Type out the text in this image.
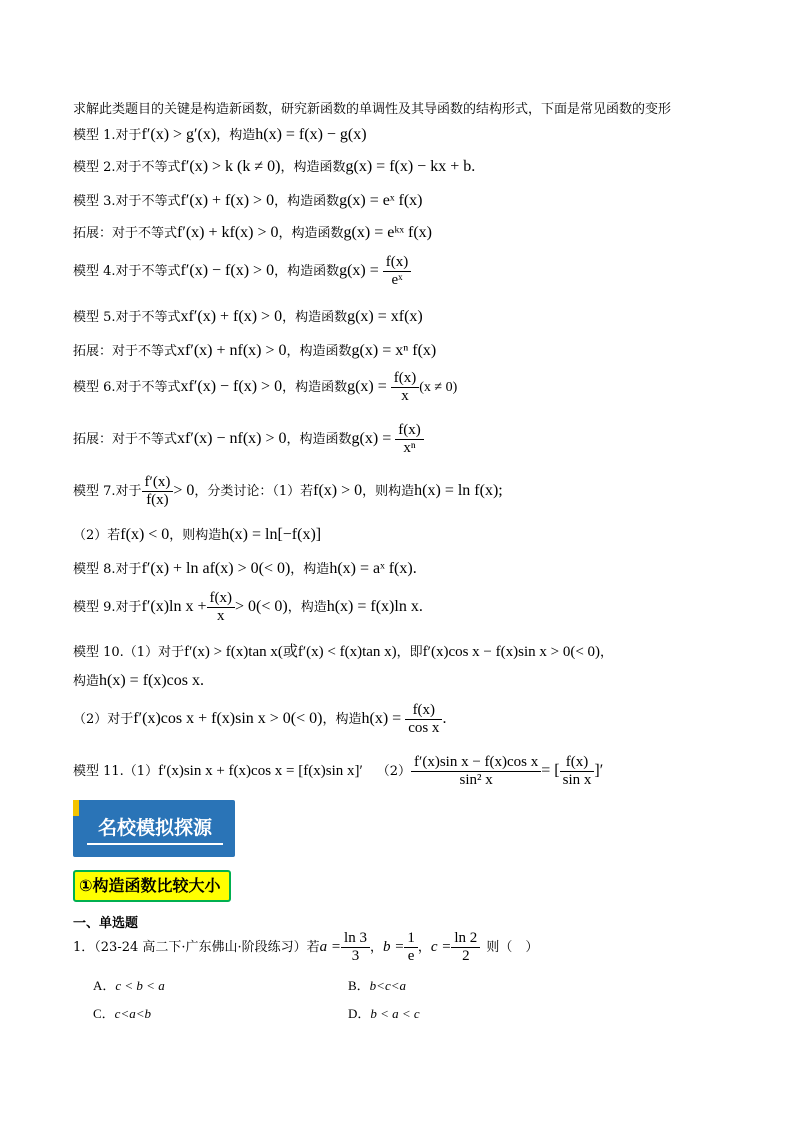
求解此类题目的关键是构造新函数，研究新函数的单调性及其导函数的结构形式，下面是常见函数的变形
模型 1.对于f′(x) > g′(x)，构造h(x) = f(x) − g(x)
模型 2.对于不等式f′(x) > k (k ≠ 0)，构造函数g(x) = f(x) − kx + b.
模型 3.对于不等式f′(x) + f(x) > 0，构造函数g(x) = eˣ f(x)
拓展：对于不等式f′(x) + kf(x) > 0，构造函数g(x) = eᵏˣ f(x)
模型 4.对于不等式f′(x) − f(x) > 0，构造函数$g(x) = \frac{f(x)}{\text{eˣ}}$
模型 5.对于不等式xf′(x) + f(x) > 0，构造函数g(x) = xf(x)
拓展：对于不等式xf′(x) + nf(x) > 0，构造函数g(x) = xⁿ f(x)
模型 6.对于不等式xf′(x) − f(x) > 0，构造函数$g(x) = \frac{f(x)}{x} (x \ne 0)$
拓展：对于不等式xf′(x) − nf(x) > 0，构造函数$g(x) = \frac{f(x)}{\text{xⁿ}}$
模型 7.对于 $\frac{f'(x)}{f(x)} > 0$，分类讨论：（1）若f(x) > 0，则构造h(x) = ln f(x);
（2）若f(x) < 0，则构造h(x) = ln[−f(x)]
模型 8.对于f′(x) + ln af(x) > 0(< 0)，构造h(x) = aˣ f(x).
模型 9.对于f′(x)ln $x + \frac{f(x)}{x} > 0(< 0)$，构造h(x) = f(x)ln x.
模型 10.（1）对于f′(x) > f(x)tan x(或f′(x) < f(x)tan x)，即f′(x)cos x − f(x)sin x > 0(< 0)，
构造h(x) = f(x)cos x.
（2）对于f′(x)cos x + f(x)sin x > 0(< 0)，构造$h(x) = \frac{f(x)}{\text{cos x}}$ .
模型 11.（1）f′(x)sin x + f(x)cos x = [f(x)sin x]′ $(2) \frac{\text{f′(x)sin x − f(x)cos x}}{\text{sin² x}}$ = [ $\frac{f(x)}{\text{sin x}}$ ]′
名校模拟探源
①构造函数比较大小
一、单选题
1．（23-24 高二下·广东佛山·阶段练习）若$a = \frac{\ln 3}{3}$ ，$b = \frac{1}{e}$ ，$c = \frac{\ln 2}{2}$ 则（　）
A．c < b < a	B．b<c<a
C．c<a<b	D．b < a < c
